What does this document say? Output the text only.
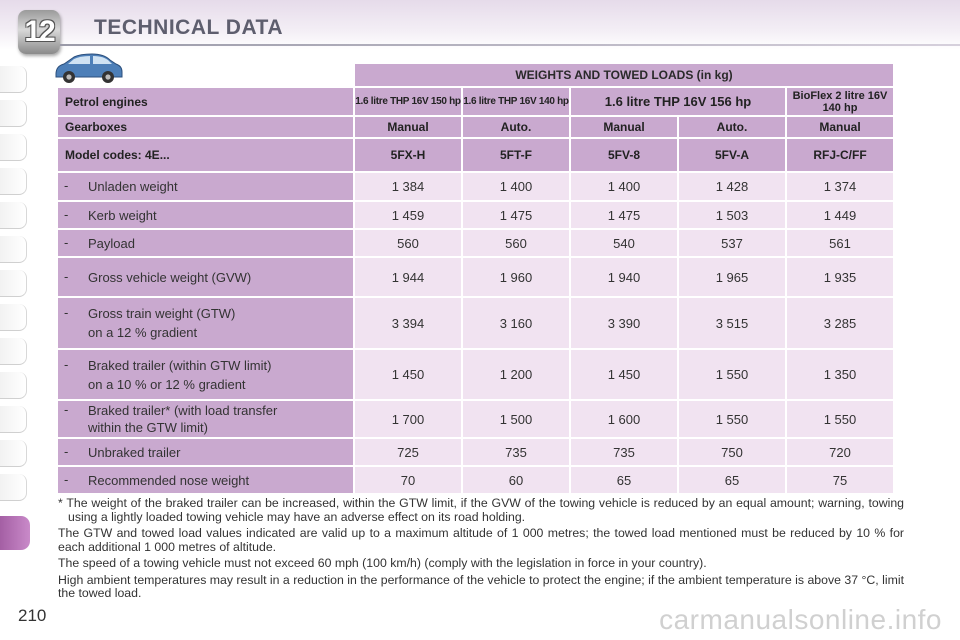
12	TECHNICAL DATA
	WEIGHTS AND TOWED LOADS (in kg)				
Petrol engines	1.6 litre THP 16V 150 hp	1.6 litre THP 16V 140 hp	1.6 litre THP 16V 156 hp		BioFlex 2 litre 16V 140 hp
Gearboxes	Manual	Auto.	Manual	Auto.	Manual
Model codes: 4E...	5FX-H	5FT-F	5FV-8	5FV-A	RFJ-C/FF

- Unladen weight	1 384	1 400	1 400	1 428	1 374

- Kerb weight	1 459	1 475	1 475	1 503	1 449

- Payload	560	560	540	537	561

- Gross vehicle weight (GVW)	1 944	1 960	1 940	1 965	1 935

- Gross train weight (GTW)
on a 12 % gradient	3 394	3 160	3 390	3 515	3 285

- Braked trailer (within GTW limit)
on a 10 % or 12 % gradient	1 450	1 200	1 450	1 550	1 350

- Braked trailer* (with load transfer
within the GTW limit)	1 700	1 500	1 600	1 550	1 550

- Unbraked trailer	725	735	735	750	720

- Recommended nose weight	70	60	65	65	75

* The weight of the braked trailer can be increased, within the GTW limit, if the GVW of the towing vehicle is reduced by an equal amount; warning, towing using a lightly loaded towing vehicle may have an adverse effect on its road holding.

The GTW and towed load values indicated are valid up to a maximum altitude of 1 000 metres; the towed load mentioned must be reduced by 10 % for each additional 1 000 metres of altitude.

The speed of a towing vehicle must not exceed 60 mph (100 km/h) (comply with the legislation in force in your country).

High ambient temperatures may result in a reduction in the performance of the vehicle to protect the engine; if the ambient temperature is above 37 °C, limit the towed load.

210	carmanualsonline.info
